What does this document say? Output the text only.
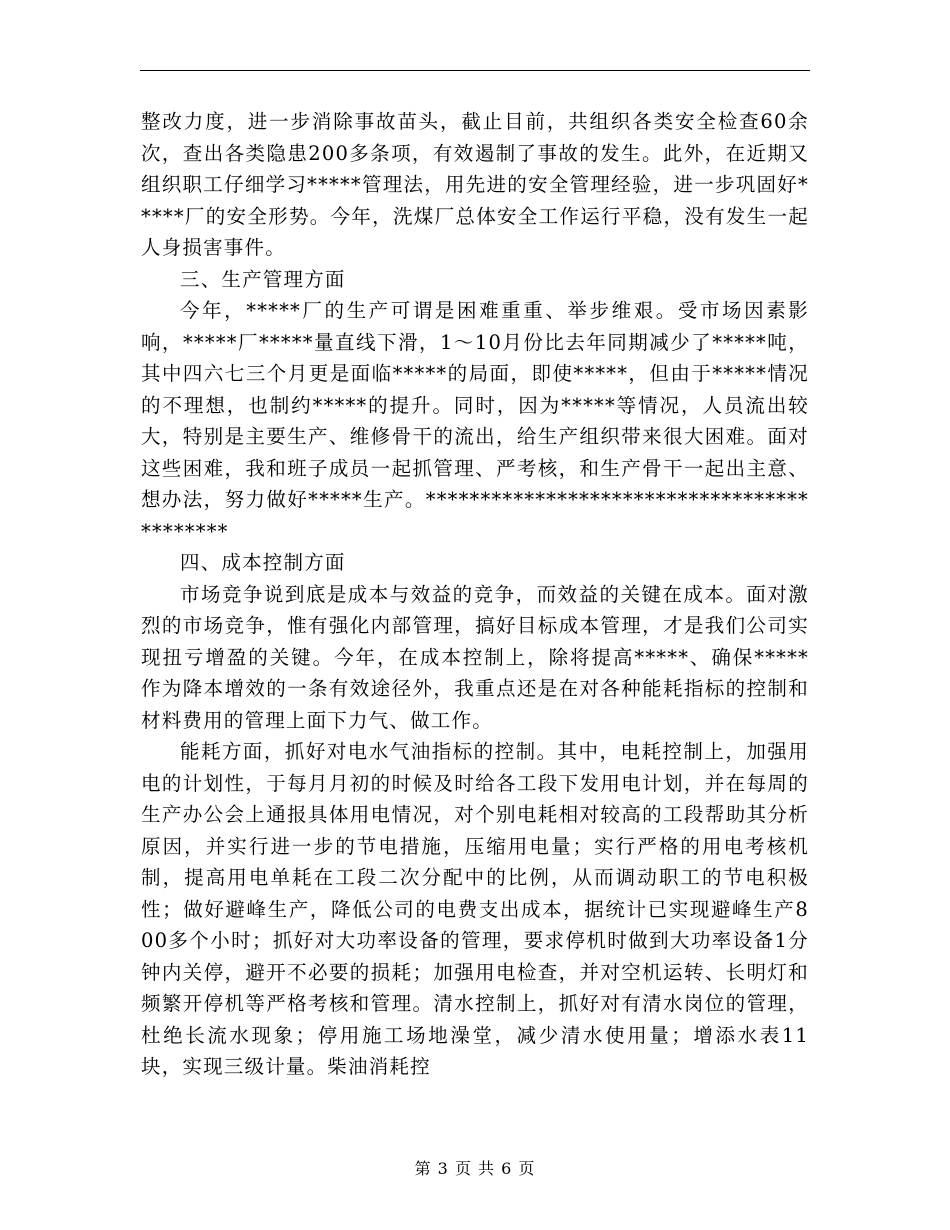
整改力度，进一步消除事故苗头，截止目前，共组织各类安全检查60余次，查出各类隐患200多条项，有效遏制了事故的发生。此外，在近期又组织职工仔细学习*****管理法，用先进的安全管理经验，进一步巩固好*****厂的安全形势。今年，洗煤厂总体安全工作运行平稳，没有发生一起人身损害事件。

三、生产管理方面

今年，*****厂的生产可谓是困难重重、举步维艰。受市场因素影响，*****厂*****量直线下滑，1～10月份比去年同期减少了*****吨，其中四六七三个月更是面临*****的局面，即使*****，但由于*****情况的不理想，也制约*****的提升。同时，因为*****等情况，人员流出较大，特别是主要生产、维修骨干的流出，给生产组织带来很大困难。面对这些困难，我和班子成员一起抓管理、严考核，和生产骨干一起出主意、想办法，努力做好*****生产。*******************************************

四、成本控制方面

市场竞争说到底是成本与效益的竞争，而效益的关键在成本。面对激烈的市场竞争，惟有强化内部管理，搞好目标成本管理，才是我们公司实现扭亏增盈的关键。今年，在成本控制上，除将提高*****、确保*****作为降本增效的一条有效途径外，我重点还是在对各种能耗指标的控制和材料费用的管理上面下力气、做工作。

能耗方面，抓好对电水气油指标的控制。其中，电耗控制上，加强用电的计划性，于每月月初的时候及时给各工段下发用电计划，并在每周的生产办公会上通报具体用电情况，对个别电耗相对较高的工段帮助其分析原因，并实行进一步的节电措施，压缩用电量；实行严格的用电考核机制，提高用电单耗在工段二次分配中的比例，从而调动职工的节电积极性；做好避峰生产，降低公司的电费支出成本，据统计已实现避峰生产800多个小时；抓好对大功率设备的管理，要求停机时做到大功率设备1分钟内关停，避开不必要的损耗；加强用电检查，并对空机运转、长明灯和频繁开停机等严格考核和管理。清水控制上，抓好对有清水岗位的管理，杜绝长流水现象；停用施工场地澡堂，减少清水使用量；增添水表11块，实现三级计量。柴油消耗控

第 3 页 共 6 页
